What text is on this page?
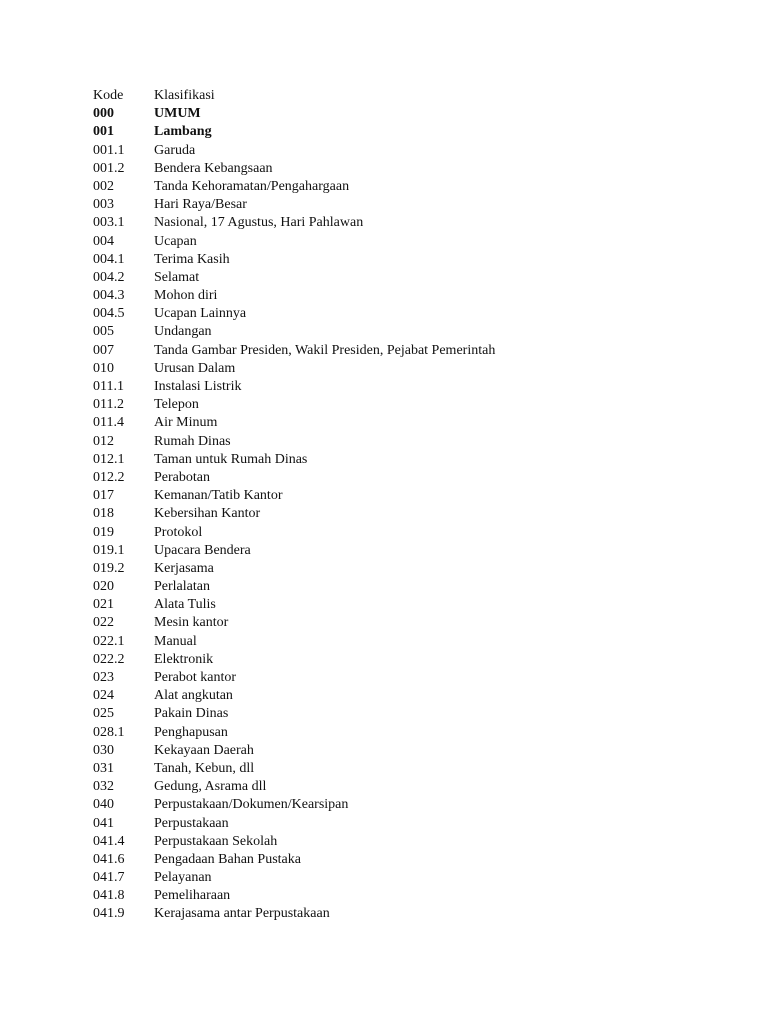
Kode	Klasifikasi
000	UMUM
001	Lambang
001.1	Garuda
001.2	Bendera Kebangsaan
002	Tanda Kehoramatan/Pengahargaan
003	Hari Raya/Besar
003.1	Nasional, 17 Agustus, Hari Pahlawan
004	Ucapan
004.1	Terima Kasih
004.2	Selamat
004.3	Mohon diri
004.5	Ucapan Lainnya
005	Undangan
007	Tanda Gambar Presiden, Wakil Presiden, Pejabat Pemerintah
010	Urusan Dalam
011.1	Instalasi Listrik
011.2	Telepon
011.4	Air Minum
012	Rumah Dinas
012.1	Taman untuk Rumah Dinas
012.2	Perabotan
017	Kemanan/Tatib Kantor
018	Kebersihan Kantor
019	Protokol
019.1	Upacara Bendera
019.2	Kerjasama
020	Perlalatan
021	Alata Tulis
022	Mesin kantor
022.1	Manual
022.2	Elektronik
023	Perabot kantor
024	Alat angkutan
025	Pakain Dinas
028.1	Penghapusan
030	Kekayaan Daerah
031	Tanah, Kebun, dll
032	Gedung, Asrama dll
040	Perpustakaan/Dokumen/Kearsipan
041	Perpustakaan
041.4	Perpustakaan Sekolah
041.6	Pengadaan Bahan Pustaka
041.7	Pelayanan
041.8	Pemeliharaan
041.9	Kerajasama antar Perpustakaan
